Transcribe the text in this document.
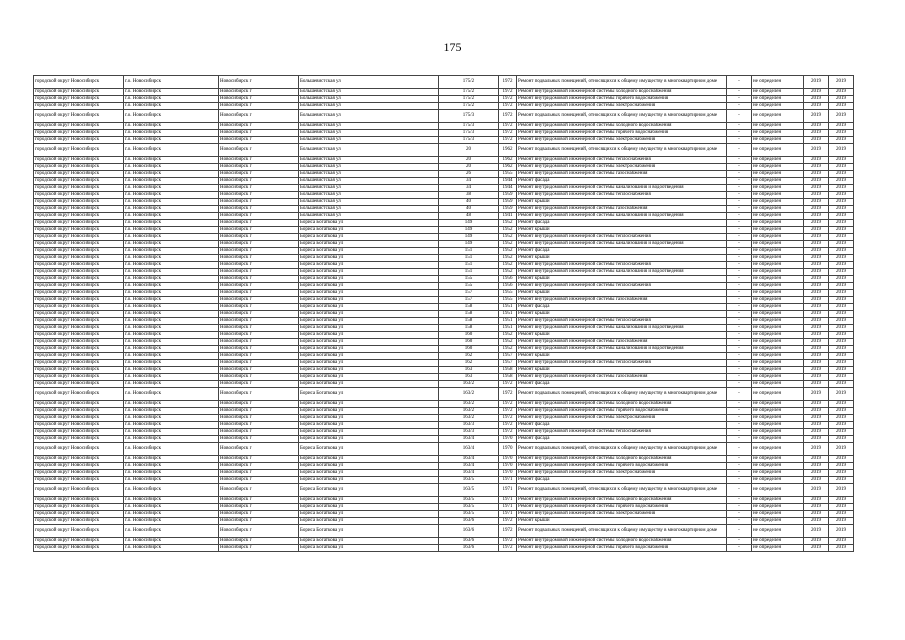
175
городской округ Новосибирск	г.о. Новосибирск	Новосибирск г	Большевистская ул	175/2	1972	Ремонт подвальных помещений, относящихся к общему имуществу в многоквартирном доме	-	не определен	2019	2019
городской округ Новосибирск	г.о. Новосибирск	Новосибирск г	Большевистская ул	175/2	1972	Ремонт внутридомовой инженерной системы холодного водоснабжения	-	не определен	2019	2019
городской округ Новосибирск	г.о. Новосибирск	Новосибирск г	Большевистская ул	175/2	1972	Ремонт внутридомовой инженерной системы горячего водоснабжения	-	не определен	2019	2019
городской округ Новосибирск	г.о. Новосибирск	Новосибирск г	Большевистская ул	175/2	1972	Ремонт внутридомовой инженерной системы электроснабжения	-	не определен	2019	2019
городской округ Новосибирск	г.о. Новосибирск	Новосибирск г	Большевистская ул	175/3	1972	Ремонт подвальных помещений, относящихся к общему имуществу в многоквартирном доме	-	не определен	2019	2019
городской округ Новосибирск	г.о. Новосибирск	Новосибирск г	Большевистская ул	175/3	1972	Ремонт внутридомовой инженерной системы холодного водоснабжения	-	не определен	2019	2019
городской округ Новосибирск	г.о. Новосибирск	Новосибирск г	Большевистская ул	175/3	1972	Ремонт внутридомовой инженерной системы горячего водоснабжения	-	не определен	2019	2019
городской округ Новосибирск	г.о. Новосибирск	Новосибирск г	Большевистская ул	175/3	1972	Ремонт внутридомовой инженерной системы электроснабжения	-	не определен	2019	2019
городской округ Новосибирск	г.о. Новосибирск	Новосибирск г	Большевистская ул	20	1962	Ремонт подвальных помещений, относящихся к общему имуществу в многоквартирном доме	-	не определен	2019	2019
городской округ Новосибирск	г.о. Новосибирск	Новосибирск г	Большевистская ул	20	1962	Ремонт внутридомовой инженерной системы теплоснабжения	-	не определен	2019	2019
городской округ Новосибирск	г.о. Новосибирск	Новосибирск г	Большевистская ул	20	1962	Ремонт внутридомовой инженерной системы электроснабжения	-	не определен	2019	2019
городской округ Новосибирск	г.о. Новосибирск	Новосибирск г	Большевистская ул	26	1955	Ремонт внутридомовой инженерной системы газоснабжения	-	не определен	2019	2019
городской округ Новосибирск	г.о. Новосибирск	Новосибирск г	Большевистская ул	34	1944	Ремонт фасада	-	не определен	2019	2019
городской округ Новосибирск	г.о. Новосибирск	Новосибирск г	Большевистская ул	34	1944	Ремонт внутридомовой инженерной системы канализования и водоотведения	-	не определен	2019	2019
городской округ Новосибирск	г.о. Новосибирск	Новосибирск г	Большевистская ул	38	1959	Ремонт внутридомовой инженерной системы теплоснабжения	-	не определен	2019	2019
городской округ Новосибирск	г.о. Новосибирск	Новосибирск г	Большевистская ул	40	1959	Ремонт крыши	-	не определен	2019	2019
городской округ Новосибирск	г.о. Новосибирск	Новосибирск г	Большевистская ул	40	1959	Ремонт внутридомовой инженерной системы газоснабжения	-	не определен	2019	2019
городской округ Новосибирск	г.о. Новосибирск	Новосибирск г	Большевистская ул	48	1941	Ремонт внутридомовой инженерной системы канализования и водоотведения	-	не определен	2019	2019
городской округ Новосибирск	г.о. Новосибирск	Новосибирск г	Бориса Богаткова ул	149	1952	Ремонт фасада	-	не определен	2019	2019
городской округ Новосибирск	г.о. Новосибирск	Новосибирск г	Бориса Богаткова ул	149	1952	Ремонт крыши	-	не определен	2019	2019
городской округ Новосибирск	г.о. Новосибирск	Новосибирск г	Бориса Богаткова ул	149	1952	Ремонт внутридомовой инженерной системы теплоснабжения	-	не определен	2019	2019
городской округ Новосибирск	г.о. Новосибирск	Новосибирск г	Бориса Богаткова ул	149	1952	Ремонт внутридомовой инженерной системы канализования и водоотведения	-	не определен	2019	2019
городской округ Новосибирск	г.о. Новосибирск	Новосибирск г	Бориса Богаткова ул	151	1952	Ремонт фасада	-	не определен	2019	2019
городской округ Новосибирск	г.о. Новосибирск	Новосибирск г	Бориса Богаткова ул	151	1952	Ремонт крыши	-	не определен	2019	2019
городской округ Новосибирск	г.о. Новосибирск	Новосибирск г	Бориса Богаткова ул	151	1952	Ремонт внутридомовой инженерной системы теплоснабжения	-	не определен	2019	2019
городской округ Новосибирск	г.о. Новосибирск	Новосибирск г	Бориса Богаткова ул	151	1952	Ремонт внутридомовой инженерной системы канализования и водоотведения	-	не определен	2019	2019
городской округ Новосибирск	г.о. Новосибирск	Новосибирск г	Бориса Богаткова ул	155	1956	Ремонт крыши	-	не определен	2019	2019
городской округ Новосибирск	г.о. Новосибирск	Новосибирск г	Бориса Богаткова ул	155	1956	Ремонт внутридомовой инженерной системы теплоснабжения	-	не определен	2019	2019
городской округ Новосибирск	г.о. Новосибирск	Новосибирск г	Бориса Богаткова ул	157	1955	Ремонт крыши	-	не определен	2019	2019
городской округ Новосибирск	г.о. Новосибирск	Новосибирск г	Бориса Богаткова ул	157	1955	Ремонт внутридомовой инженерной системы газоснабжения	-	не определен	2019	2019
городской округ Новосибирск	г.о. Новосибирск	Новосибирск г	Бориса Богаткова ул	158	1951	Ремонт фасада	-	не определен	2019	2019
городской округ Новосибирск	г.о. Новосибирск	Новосибирск г	Бориса Богаткова ул	158	1951	Ремонт крыши	-	не определен	2019	2019
городской округ Новосибирск	г.о. Новосибирск	Новосибирск г	Бориса Богаткова ул	158	1951	Ремонт внутридомовой инженерной системы теплоснабжения	-	не определен	2019	2019
городской округ Новосибирск	г.о. Новосибирск	Новосибирск г	Бориса Богаткова ул	158	1951	Ремонт внутридомовой инженерной системы канализования и водоотведения	-	не определен	2019	2019
городской округ Новосибирск	г.о. Новосибирск	Новосибирск г	Бориса Богаткова ул	160	1952	Ремонт крыши	-	не определен	2019	2019
городской округ Новосибирск	г.о. Новосибирск	Новосибирск г	Бориса Богаткова ул	160	1952	Ремонт внутридомовой инженерной системы газоснабжения	-	не определен	2019	2019
городской округ Новосибирск	г.о. Новосибирск	Новосибирск г	Бориса Богаткова ул	160	1952	Ремонт внутридомовой инженерной системы канализования и водоотведения	-	не определен	2019	2019
городской округ Новосибирск	г.о. Новосибирск	Новосибирск г	Бориса Богаткова ул	162	1957	Ремонт крыши	-	не определен	2019	2019
городской округ Новосибирск	г.о. Новосибирск	Новосибирск г	Бориса Богаткова ул	162	1957	Ремонт внутридомовой инженерной системы теплоснабжения	-	не определен	2019	2019
городской округ Новосибирск	г.о. Новосибирск	Новосибирск г	Бориса Богаткова ул	163	1958	Ремонт крыши	-	не определен	2019	2019
городской округ Новосибирск	г.о. Новосибирск	Новосибирск г	Бориса Богаткова ул	163	1958	Ремонт внутридомовой инженерной системы газоснабжения	-	не определен	2019	2019
городской округ Новосибирск	г.о. Новосибирск	Новосибирск г	Бориса Богаткова ул	163/2	1972	Ремонт фасада	-	не определен	2019	2019
городской округ Новосибирск	г.о. Новосибирск	Новосибирск г	Бориса Богаткова ул	163/2	1972	Ремонт подвальных помещений, относящихся к общему имуществу в многоквартирном доме	-	не определен	2019	2019
городской округ Новосибирск	г.о. Новосибирск	Новосибирск г	Бориса Богаткова ул	163/2	1972	Ремонт внутридомовой инженерной системы холодного водоснабжения	-	не определен	2019	2019
городской округ Новосибирск	г.о. Новосибирск	Новосибирск г	Бориса Богаткова ул	163/2	1972	Ремонт внутридомовой инженерной системы горячего водоснабжения	-	не определен	2019	2019
городской округ Новосибирск	г.о. Новосибирск	Новосибирск г	Бориса Богаткова ул	163/2	1972	Ремонт внутридомовой инженерной системы электроснабжения	-	не определен	2019	2019
городской округ Новосибирск	г.о. Новосибирск	Новосибирск г	Бориса Богаткова ул	163/3	1972	Ремонт фасада	-	не определен	2019	2019
городской округ Новосибирск	г.о. Новосибирск	Новосибирск г	Бориса Богаткова ул	163/3	1972	Ремонт внутридомовой инженерной системы теплоснабжения	-	не определен	2019	2019
городской округ Новосибирск	г.о. Новосибирск	Новосибирск г	Бориса Богаткова ул	163/4	1970	Ремонт фасада	-	не определен	2019	2019
городской округ Новосибирск	г.о. Новосибирск	Новосибирск г	Бориса Богаткова ул	163/4	1970	Ремонт подвальных помещений, относящихся к общему имуществу в многоквартирном доме	-	не определен	2019	2019
городской округ Новосибирск	г.о. Новосибирск	Новосибирск г	Бориса Богаткова ул	163/4	1970	Ремонт внутридомовой инженерной системы холодного водоснабжения	-	не определен	2019	2019
городской округ Новосибирск	г.о. Новосибирск	Новосибирск г	Бориса Богаткова ул	163/4	1970	Ремонт внутридомовой инженерной системы горячего водоснабжения	-	не определен	2019	2019
городской округ Новосибирск	г.о. Новосибирск	Новосибирск г	Бориса Богаткова ул	163/4	1970	Ремонт внутридомовой инженерной системы электроснабжения	-	не определен	2019	2019
городской округ Новосибирск	г.о. Новосибирск	Новосибирск г	Бориса Богаткова ул	163/5	1971	Ремонт фасада	-	не определен	2019	2019
городской округ Новосибирск	г.о. Новосибирск	Новосибирск г	Бориса Богаткова ул	163/5	1971	Ремонт подвальных помещений, относящихся к общему имуществу в многоквартирном доме	-	не определен	2019	2019
городской округ Новосибирск	г.о. Новосибирск	Новосибирск г	Бориса Богаткова ул	163/5	1971	Ремонт внутридомовой инженерной системы холодного водоснабжения	-	не определен	2019	2019
городской округ Новосибирск	г.о. Новосибирск	Новосибирск г	Бориса Богаткова ул	163/5	1971	Ремонт внутридомовой инженерной системы горячего водоснабжения	-	не определен	2019	2019
городской округ Новосибирск	г.о. Новосибирск	Новосибирск г	Бориса Богаткова ул	163/5	1971	Ремонт внутридомовой инженерной системы электроснабжения	-	не определен	2019	2019
городской округ Новосибирск	г.о. Новосибирск	Новосибирск г	Бориса Богаткова ул	163/6	1972	Ремонт крыши	-	не определен	2019	2019
городской округ Новосибирск	г.о. Новосибирск	Новосибирск г	Бориса Богаткова ул	163/6	1972	Ремонт подвальных помещений, относящихся к общему имуществу в многоквартирном доме	-	не определен	2019	2019
городской округ Новосибирск	г.о. Новосибирск	Новосибирск г	Бориса Богаткова ул	163/6	1972	Ремонт внутридомовой инженерной системы холодного водоснабжения	-	не определен	2019	2019
городской округ Новосибирск	г.о. Новосибирск	Новосибирск г	Бориса Богаткова ул	163/6	1972	Ремонт внутридомовой инженерной системы горячего водоснабжения	-	не определен	2019	2019
